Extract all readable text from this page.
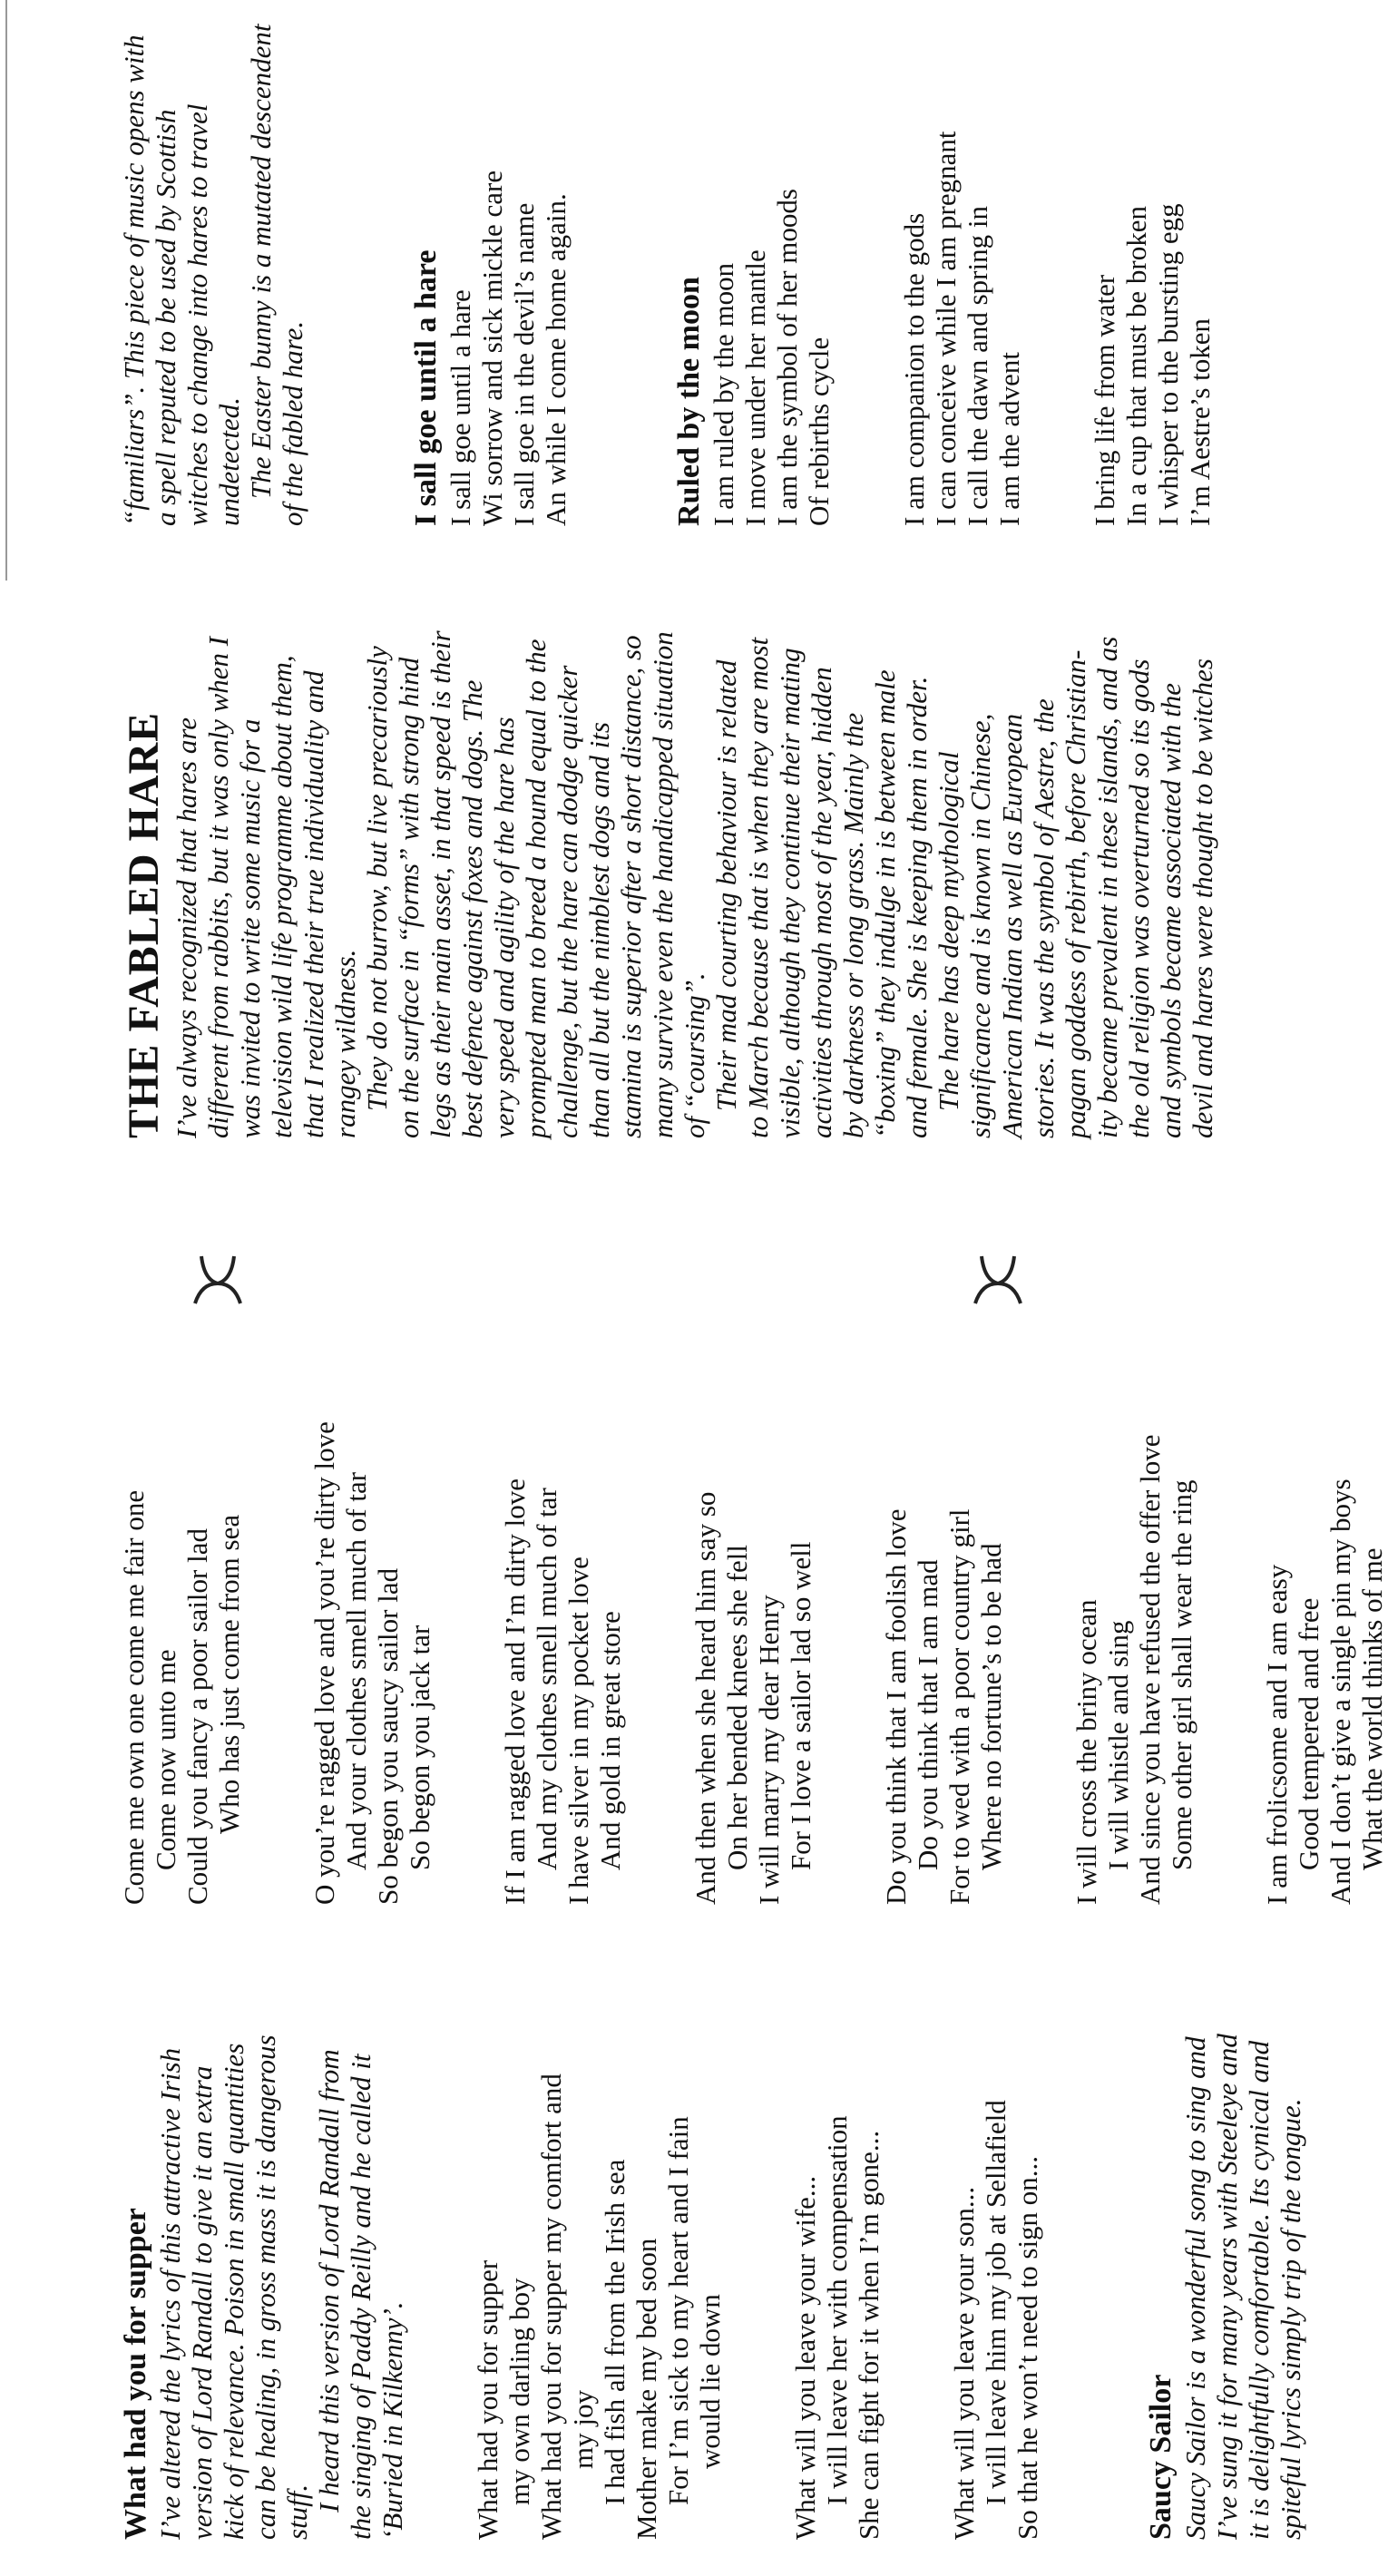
What had you for supper I’ve altered the lyrics of this attractive Irish version of Lord Randall to give it an extra kick of relevance. Poison in small quantities can be healing, in gross mass it is dangerous stuff. I heard this version of Lord Randall from the singing of Paddy Reilly and he called it ‘Buried in Kilkenny’. What had you for supper my own darling boy What had you for supper my comfort and my joy I had fish all from the Irish sea Mother make my bed soon For I’m sick to my heart and I fain would lie down What will you leave your wife... I will leave her with compensation She can fight for it when I’m gone... What will you leave your son... I will leave him my job at Sellafield So that he won’t need to sign on...	Saucy Sailor Saucy Sailor is a wonderful song to sing and I’ve sung it for many years with Steeleye and it is delightfully comfortable. Its cynical and spiteful lyrics simply trip of the tongue.
Come me own one come me fair one Come now unto me Could you fancy a poor sailor lad Who has just come from sea O you’re ragged love and you’re dirty love And your clothes smell much of tar So begon you saucy sailor lad So begon you jack tar If I am ragged love and I’m dirty love And my clothes smell much of tar I have silver in my pocket love And gold in great store And then when she heard him say so On her bended knees she fell I will marry my dear Henry For I love a sailor lad so well Do you think that I am foolish love Do you think that I am mad For to wed with a poor country girl Where no fortune’s to be had I will cross the briny ocean I will whistle and sing And since you have refused the offer love Some other girl shall wear the ring I am frolicsome and I am easy Good tempered and free And I don’t give a single pin my boys What the world thinks of me
THE FABLED HARE I’ve always recognized that hares are different from rabbits, but it was only when I was invited to write some music for a television wild life programme about them, that I realized their true individuality and rangey wildness. They do not burrow, but live precariously on the surface in “forms” with strong hind legs as their main asset, in that speed is their best defence against foxes and dogs. The very speed and agility of the hare has prompted man to breed a hound equal to the challenge, but the hare can dodge quicker than all but the nimblest dogs and its stamina is superior after a short distance, so many survive even the handicapped situation of “coursing”. Their mad courting behaviour is related to March because that is when they are most visible, although they continue their mating activities through most of the year, hidden by darkness or long grass. Mainly the “boxing” they indulge in is between male and female. She is keeping them in order. The hare has deep mythological significance and is known in Chinese, American Indian as well as European stories. It was the symbol of Aestre, the pagan goddess of rebirth, before Christian- ity became prevalent in these islands, and as the old religion was overturned so its gods and symbols became associated with the devil and hares were thought to be witches
“familiars”. This piece of music opens with a spell reputed to be used by Scottish witches to change into hares to travel undetected. The Easter bunny is a mutated descendent of the fabled hare.	I sall goe until a hare I sall goe until a hare Wi sorrow and sick mickle care I sall goe in the devil’s name An while I come home again.	Ruled by the moon I am ruled by the moon I move under her mantle I am the symbol of her moods Of rebirths cycle I am companion to the gods I can conceive while I am pregnant I call the dawn and spring in I am the advent I bring life from water In a cup that must be broken I whisper to the bursting egg I’m Aestre’s token
